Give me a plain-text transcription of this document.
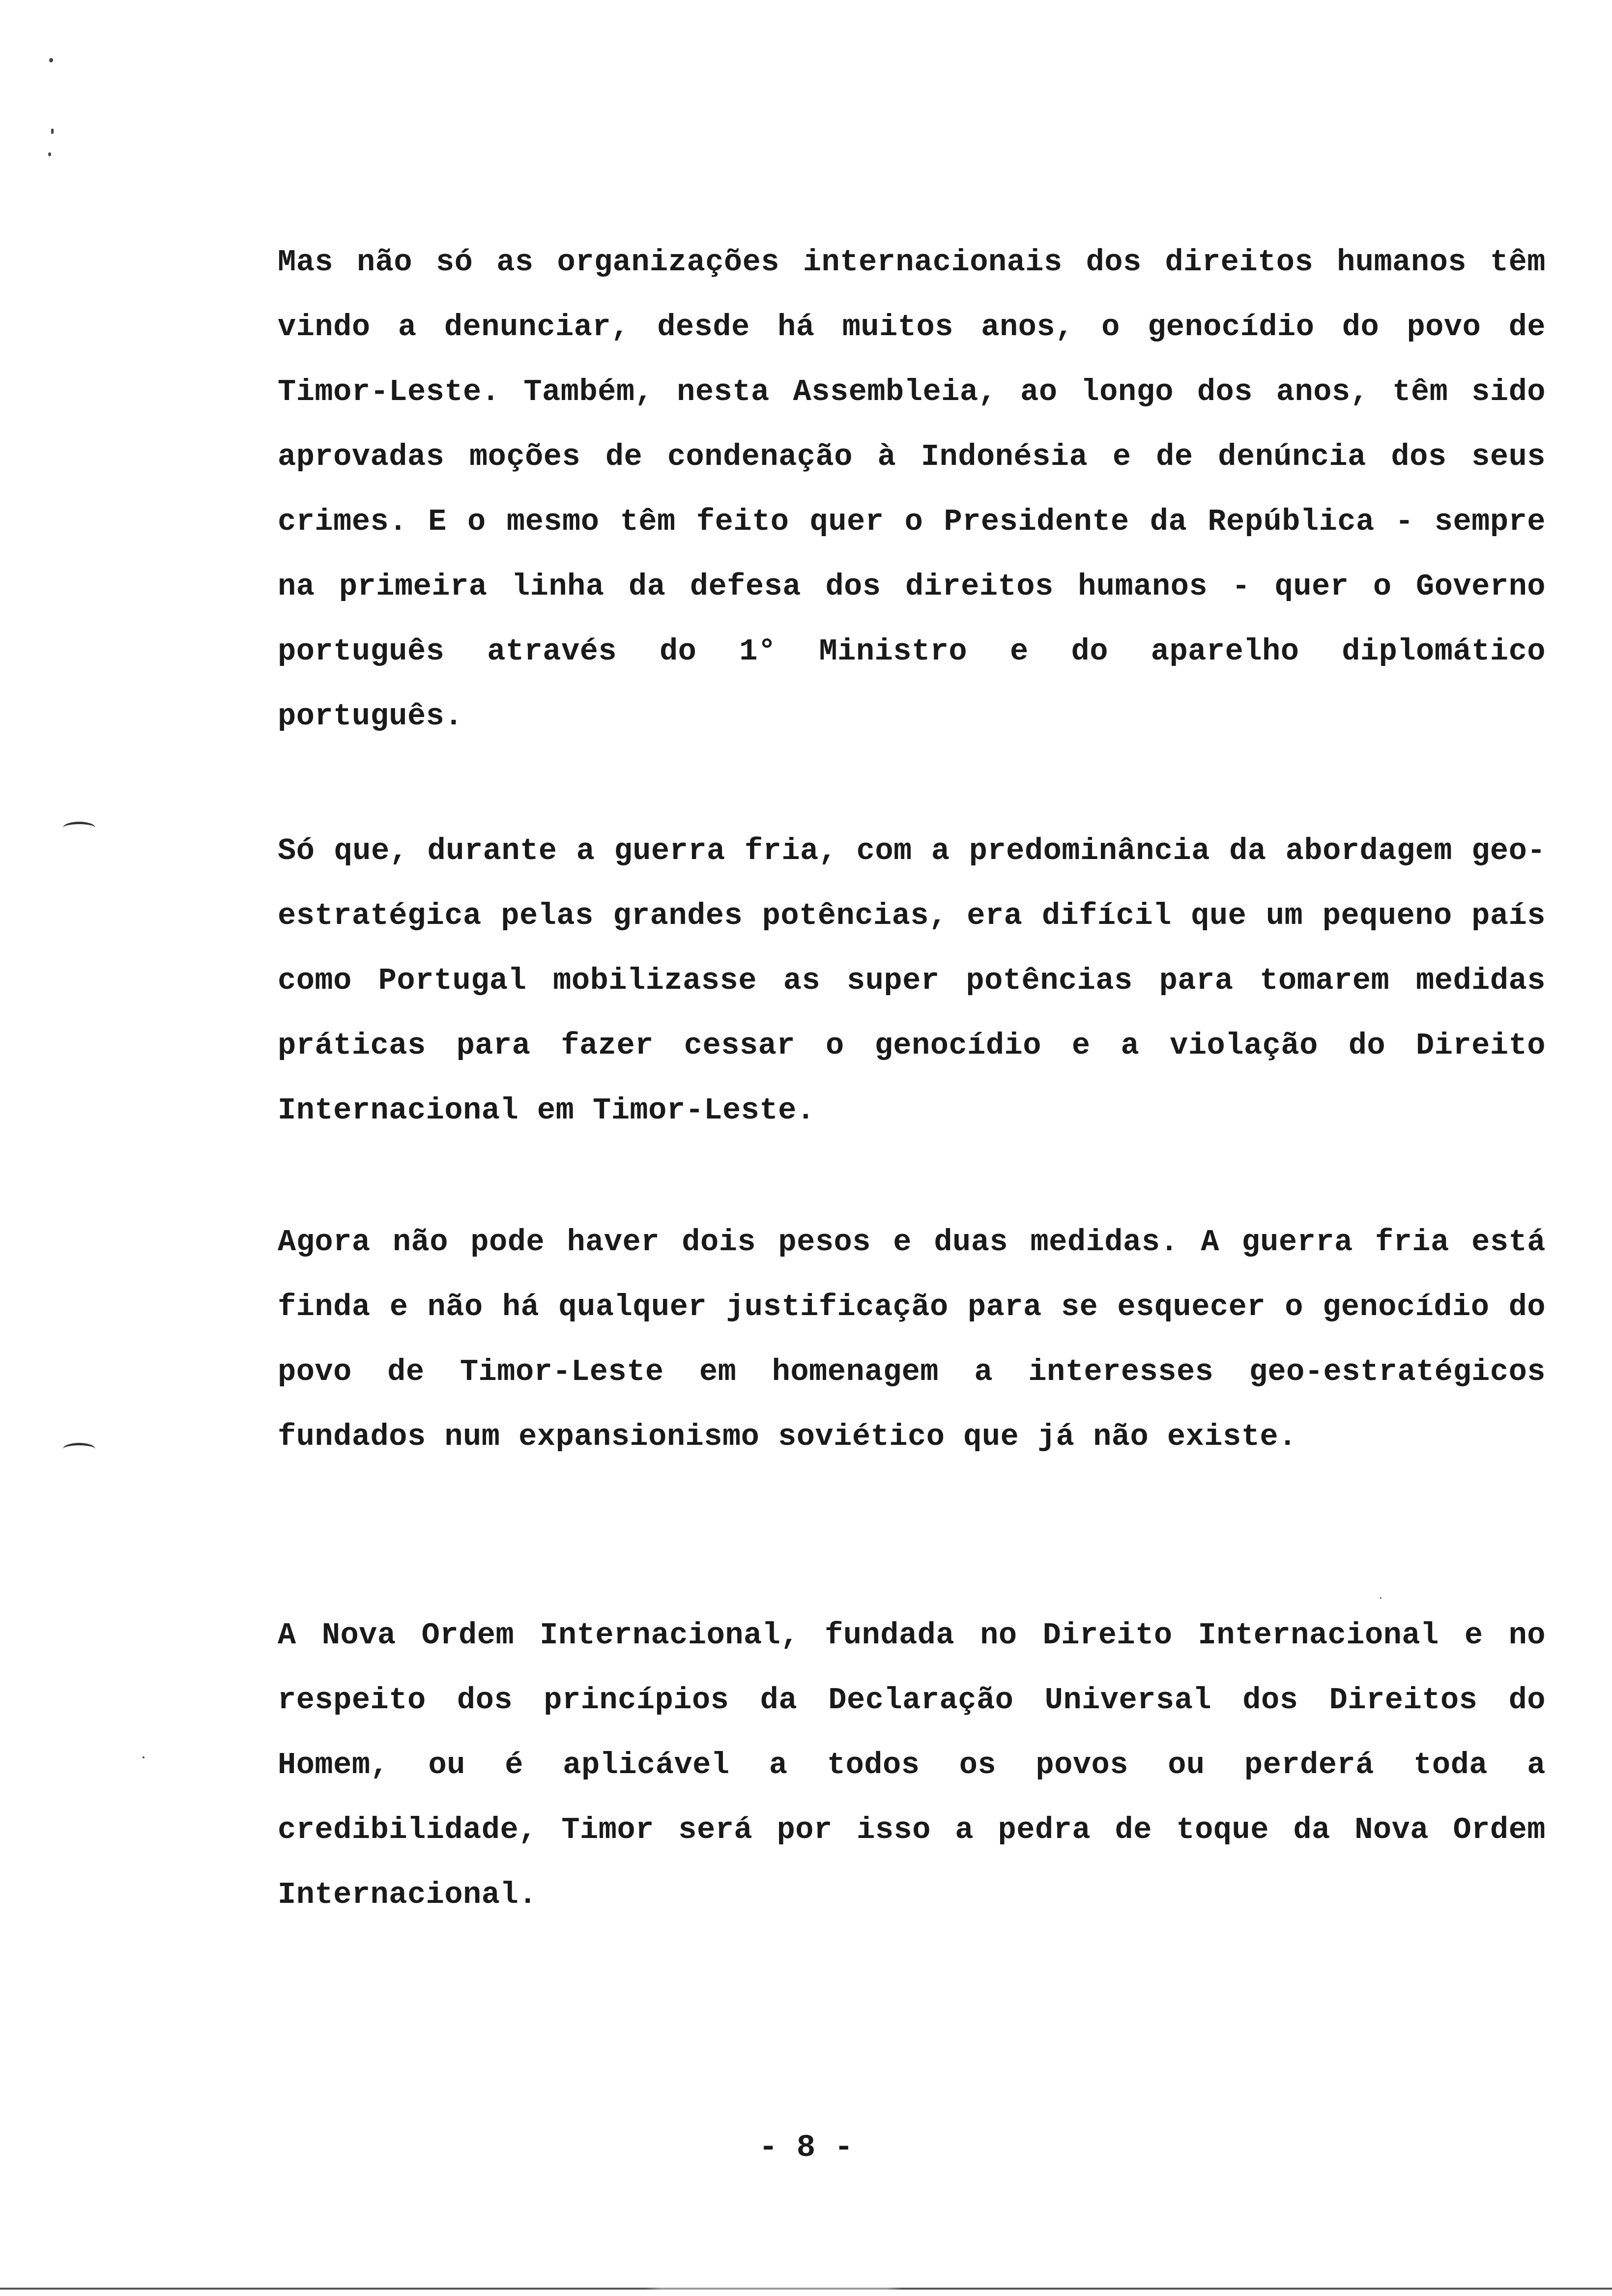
Mas não só as organizações internacionais dos direitos humanos têm vindo a denunciar, desde há muitos anos, o genocídio do povo de Timor-Leste. Também, nesta Assembleia, ao longo dos anos, têm sido aprovadas moções de condenação à Indonésia e de denúncia dos seus crimes. E o mesmo têm feito quer o Presidente da República - sempre na primeira linha da defesa dos direitos humanos - quer o Governo português através do 1° Ministro e do aparelho diplomático português.

Só que, durante a guerra fria, com a predominância da abordagem geo-estratégica pelas grandes potências, era difícil que um pequeno país como Portugal mobilizasse as super potências para tomarem medidas práticas para fazer cessar o genocídio e a violação do Direito Internacional em Timor-Leste.

Agora não pode haver dois pesos e duas medidas. A guerra fria está finda e não há qualquer justificação para se esquecer o genocídio do povo de Timor-Leste em homenagem a interesses geo-estratégicos fundados num expansionismo soviético que já não existe.

A Nova Ordem Internacional, fundada no Direito Internacional e no respeito dos princípios da Declaração Universal dos Direitos do Homem, ou é aplicável a todos os povos ou perderá toda a credibilidade, Timor será por isso a pedra de toque da Nova Ordem Internacional.

- 8 -
